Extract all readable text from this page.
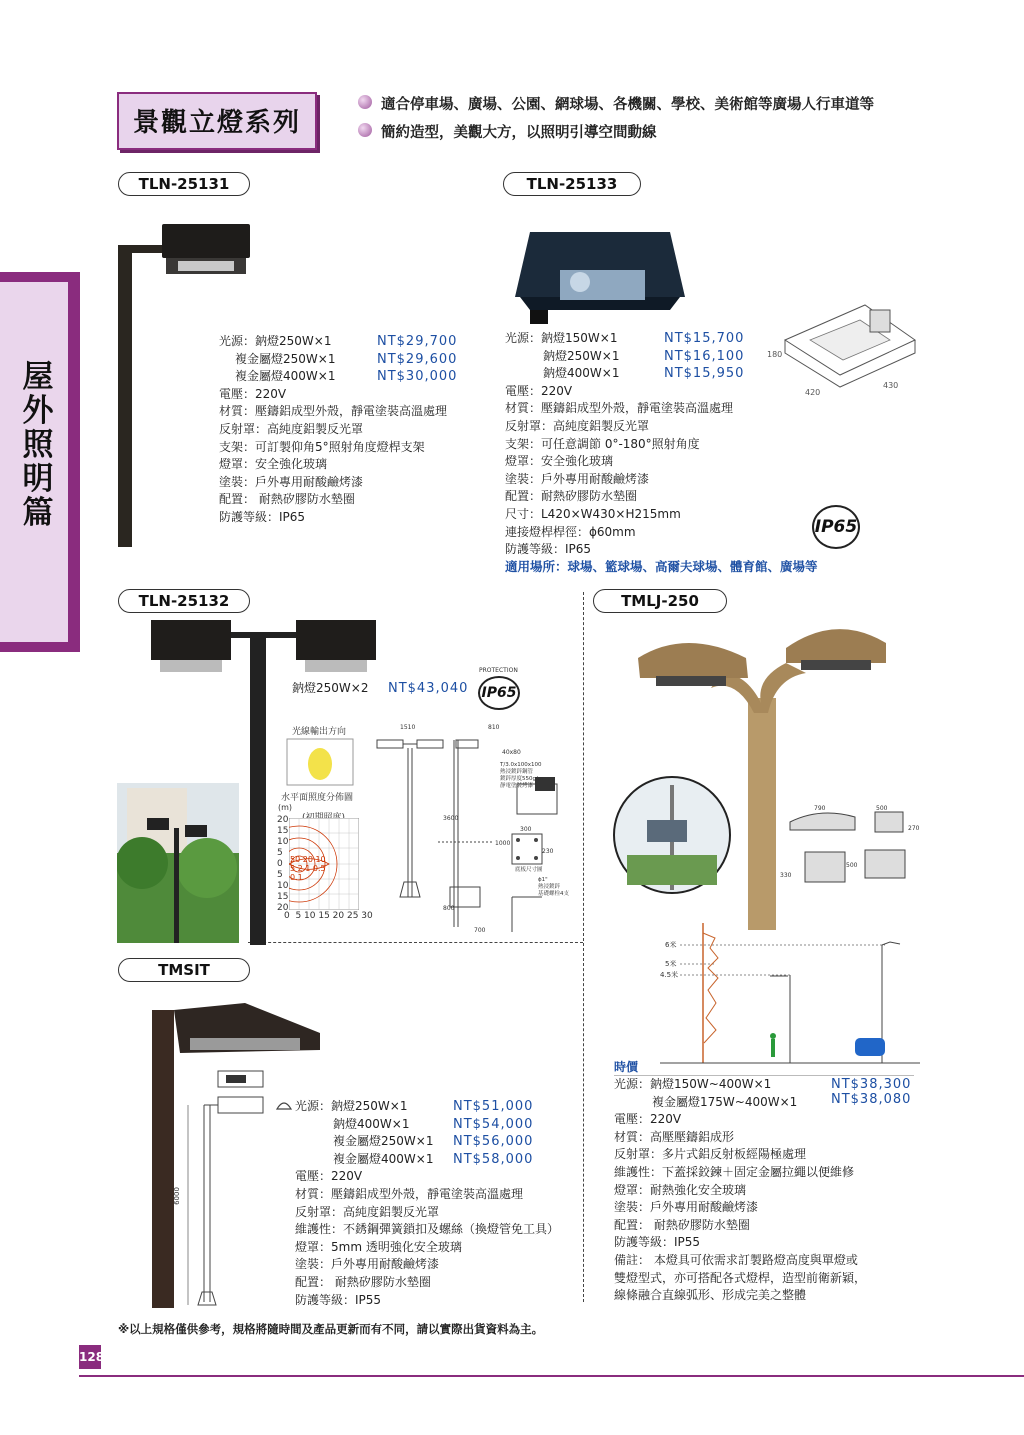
景觀立燈系列
適合停車場、廣場、公園、網球場、各機關、學校、美術館等廣場人行車道等
簡約造型，美觀大方，以照明引導空間動線
屋外照明篇
TLN-25131
光源：鈉燈250W×1	NT$29,700
複金屬燈250W×1	NT$29,600
複金屬燈400W×1	NT$30,000
電壓：220V
材質：壓鑄鋁成型外殼，靜電塗裝高溫處理
反射罩：高純度鋁製反光罩
支架：可訂製仰角5°照射角度燈桿支架
燈罩：安全強化玻璃
塗裝：戶外專用耐酸鹼烤漆
配置： 耐熱矽膠防水墊圈
防護等級：IP65
TLN-25133
180
420
430
光源：鈉燈150W×1	NT$15,700
鈉燈250W×1	NT$16,100
鈉燈400W×1	NT$15,950
電壓：220V
材質：壓鑄鋁成型外殼，靜電塗裝高溫處理
反射罩：高純度鋁製反光罩
支架：可任意調節 0°-180°照射角度
燈罩：安全強化玻璃
塗裝：戶外專用耐酸鹼烤漆
配置：耐熱矽膠防水墊圈
尺寸：L420×W430×H215mm
連接燈桿桿徑：ϕ60mm
防護等級：IP65
適用場所：球場、籃球場、高爾夫球場、體育館、廣場等
IP65
TLN-25132
鈉燈250W×2 NT$43,040 IP65
PROTECTION
光線輸出方向
水平面照度分佈圖
(m)
20
15
10
5
0
5
10
15
20
50 20 10 5 2 1 0.5 0.1
0  5 10 15 20 25 30
1510	810
40x80
3600
800
300
230
700
1000
T/3.0x100x100
熱浸鍍鋅鋼管
鍍鋅厚度550g/m
靜電塗裝烤漆
底板尺寸圖
ϕ1"
熱浸鍍鋅
基礎螺栓4支
TMLJ-250
790	500
270
500
330
6米
5米
4.5米
時價
光源：鈉燈150W~400W×1	NT$38,300
複金屬燈175W~400W×1	NT$38,080
電壓：220V
材質：高壓壓鑄鋁成形
反射罩：多片式鋁反射板經陽極處理
維護性：下蓋採鉸鍊＋固定金屬拉繩以便維修
燈罩：耐熱強化安全玻璃
塗裝：戶外專用耐酸鹼烤漆
配置： 耐熱矽膠防水墊圈
防護等級：IP55
備註： 本燈具可依需求訂製路燈高度與單燈或
雙燈型式，亦可搭配各式燈桿，造型前衛新穎，
線條融合直線弧形、形成完美之整體
TMSIT
6000
光源：鈉燈250W×1	NT$51,000
鈉燈400W×1	NT$54,000
複金屬燈250W×1 NT$56,000
複金屬燈400W×1 NT$58,000
電壓：220V
材質：壓鑄鋁成型外殼，靜電塗裝高溫處理
反射罩：高純度鋁製反光罩
維護性：不銹鋼彈簧鎖扣及螺絲（換燈管免工具）
燈罩：5mm 透明強化安全玻璃
塗裝：戶外專用耐酸鹼烤漆
配置： 耐熱矽膠防水墊圈
防護等級：IP55
※以上規格僅供參考，規格將隨時間及產品更新而有不同，請以實際出貨資料為主。
128
